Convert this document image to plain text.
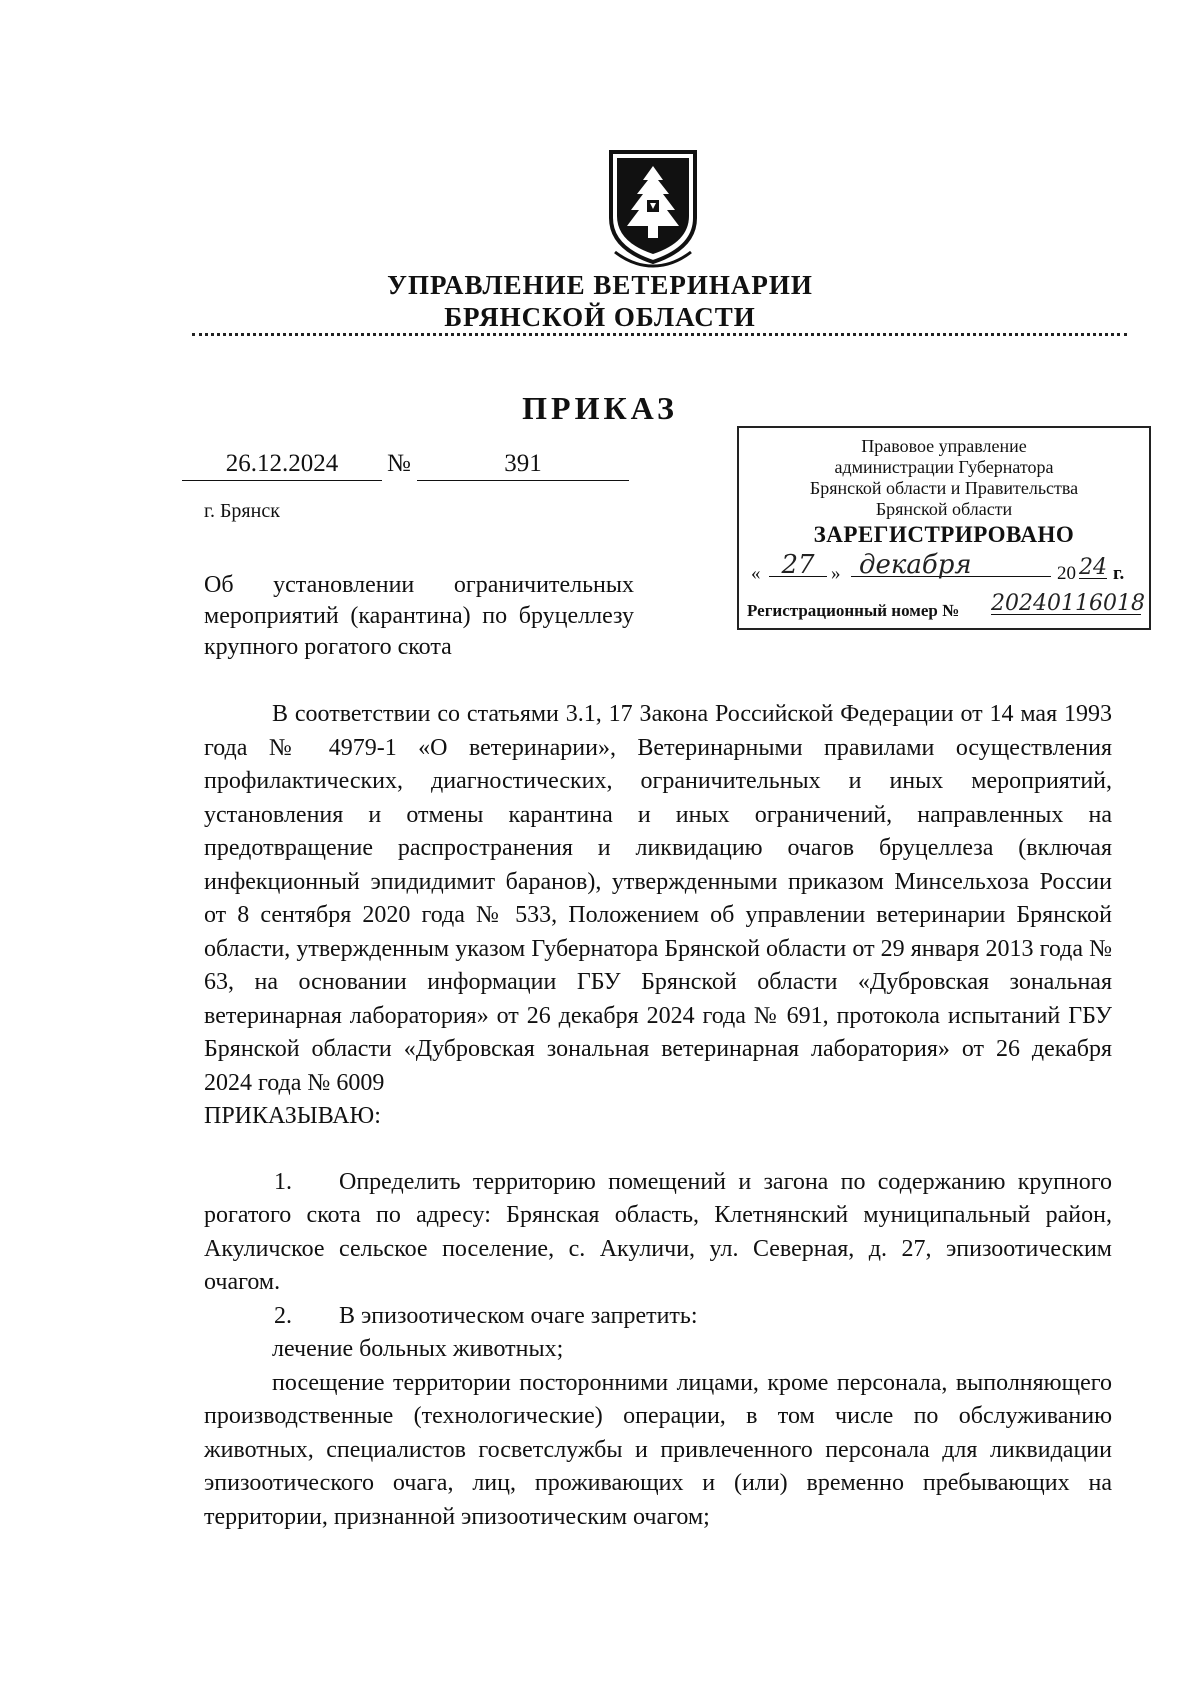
УПРАВЛЕНИЕ ВЕТЕРИНАРИИ
БРЯНСКОЙ ОБЛАСТИ
ПРИКАЗ
26.12.2024	№	391
г. Брянск
Правовое управление
администрации Губернатора
Брянской области и Правительства
Брянской области
ЗАРЕГИСТРИРОВАНО
« 27 » декабря	20 24 г.
Регистрационный номер № 20240116018
Об установлении ограничительных мероприятий (карантина) по бруцеллезу крупного рогатого скота

В соответствии со статьями 3.1, 17 Закона Российской Федерации от 14 мая 1993 года № 4979-1 «О ветеринарии», Ветеринарными правилами осуществления профилактических, диагностических, ограничительных и иных мероприятий, установления и отмены карантина и иных ограничений, направленных на предотвращение распространения и ликвидацию очагов бруцеллеза (включая инфекционный эпидидимит баранов), утвержденными приказом Минсельхоза России от 8 сентября 2020 года № 533, Положением об управлении ветеринарии Брянской области, утвержденным указом Губернатора Брянской области от 29 января 2013 года № 63, на основании информации ГБУ Брянской области «Дубровская зональная ветеринарная лаборатория» от 26 декабря 2024 года № 691, протокола испытаний ГБУ Брянской области «Дубровская зональная ветеринарная лаборатория» от 26 декабря 2024 года № 6009

ПРИКАЗЫВАЮ:

1. Определить территорию помещений и загона по содержанию крупного рогатого скота по адресу: Брянская область, Клетнянский муниципальный район, Акуличское сельское поселение, с. Акуличи, ул. Северная, д. 27, эпизоотическим очагом.

2. В эпизоотическом очаге запретить:

лечение больных животных;

посещение территории посторонними лицами, кроме персонала, выполняющего производственные (технологические) операции, в том числе по обслуживанию животных, специалистов госветслужбы и привлеченного персонала для ликвидации эпизоотического очага, лиц, проживающих и (или) временно пребывающих на территории, признанной эпизоотическим очагом;
